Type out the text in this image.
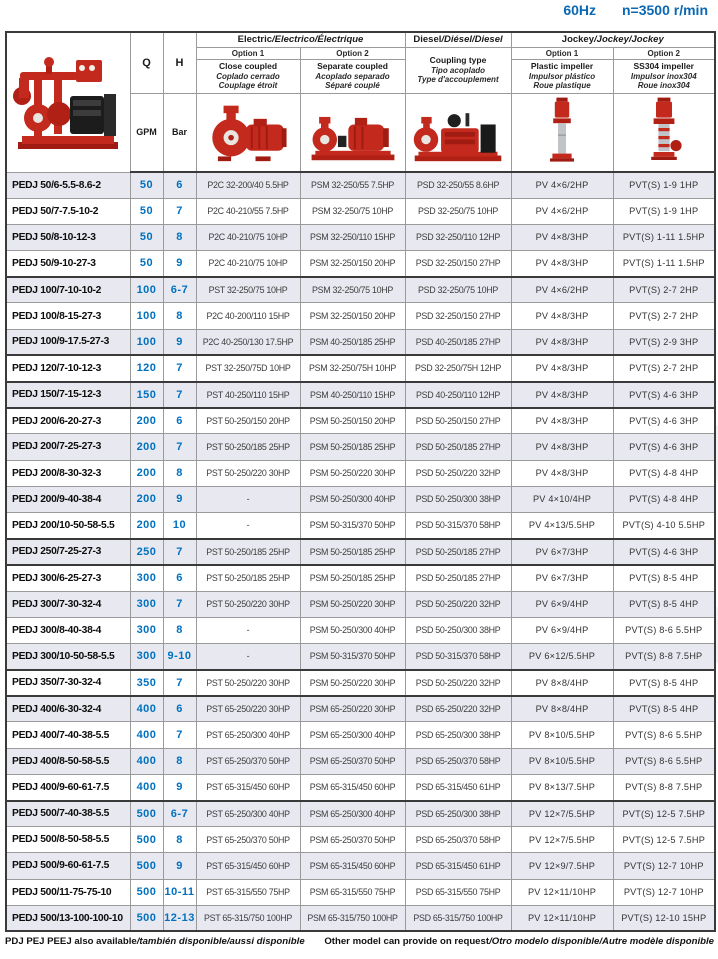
60Hz n=3500 r/min
	Q	H	Electric/Electrico/Électrique		Diesel/Diésel/Diesel	Jockey/Jockey/Jockey	
			Option 1	Option 2	Coupling type
Tipo acoplado
Type d'accouplement	Option 1	Option 2

			Close coupled
Coplado cerrado
Couplage étroit	Separate coupled
Acoplado separado
Séparé couplé		Plastic impeller
Impulsor plástico
Roue plastique	SS304 impeller
Impulsor inox304
Roue inox304

	GPM	Bar	

PEDJ 50/6-5.5-8.6-2	50	6	P2C 32-200/40 5.5HP	PSM 32-250/55 7.5HP	PSD 32-250/55 8.6HP	PV 4×6/2HP	PVT(S) 1-9 1HP
PEDJ 50/7-7.5-10-2	50	7	P2C 40-210/55 7.5HP	PSM 32-250/75 10HP	PSD 32-250/75 10HP	PV 4×6/2HP	PVT(S) 1-9 1HP
PEDJ 50/8-10-12-3	50	8	P2C 40-210/75 10HP	PSM 32-250/110 15HP	PSD 32-250/110 12HP	PV 4×8/3HP	PVT(S) 1-11 1.5HP
PEDJ 50/9-10-27-3	50	9	P2C 40-210/75 10HP	PSM 32-250/150 20HP	PSD 32-250/150 27HP	PV 4×8/3HP	PVT(S) 1-11 1.5HP
PEDJ 100/7-10-10-2	100	6-7	PST 32-250/75 10HP	PSM 32-250/75 10HP	PSD 32-250/75 10HP	PV 4×6/2HP	PVT(S) 2-7 2HP
PEDJ 100/8-15-27-3	100	8	P2C 40-200/110 15HP	PSM 32-250/150 20HP	PSD 32-250/150 27HP	PV 4×8/3HP	PVT(S) 2-7 2HP
PEDJ 100/9-17.5-27-3	100	9	P2C 40-250/130 17.5HP	PSM 40-250/185 25HP	PSD 40-250/185 27HP	PV 4×8/3HP	PVT(S) 2-9 3HP
PEDJ 120/7-10-12-3	120	7	PST 32-250/75D 10HP	PSM 32-250/75H 10HP	PSD 32-250/75H 12HP	PV 4×8/3HP	PVT(S) 2-7 2HP
PEDJ 150/7-15-12-3	150	7	PST 40-250/110 15HP	PSM 40-250/110 15HP	PSD 40-250/110 12HP	PV 4×8/3HP	PVT(S) 4-6 3HP
PEDJ 200/6-20-27-3	200	6	PST 50-250/150 20HP	PSM 50-250/150 20HP	PSD 50-250/150 27HP	PV 4×8/3HP	PVT(S) 4-6 3HP
PEDJ 200/7-25-27-3	200	7	PST 50-250/185 25HP	PSM 50-250/185 25HP	PSD 50-250/185 27HP	PV 4×8/3HP	PVT(S) 4-6 3HP
PEDJ 200/8-30-32-3	200	8	PST 50-250/220 30HP	PSM 50-250/220 30HP	PSD 50-250/220 32HP	PV 4×8/3HP	PVT(S) 4-8 4HP
PEDJ 200/9-40-38-4	200	9	-	PSM 50-250/300 40HP	PSD 50-250/300 38HP	PV 4×10/4HP	PVT(S) 4-8 4HP
PEDJ 200/10-50-58-5.5	200	10	-	PSM 50-315/370 50HP	PSD 50-315/370 58HP	PV 4×13/5.5HP	PVT(S) 4-10 5.5HP
PEDJ 250/7-25-27-3	250	7	PST 50-250/185 25HP	PSM 50-250/185 25HP	PSD 50-250/185 27HP	PV 6×7/3HP	PVT(S) 4-6 3HP
PEDJ 300/6-25-27-3	300	6	PST 50-250/185 25HP	PSM 50-250/185 25HP	PSD 50-250/185 27HP	PV 6×7/3HP	PVT(S) 8-5 4HP
PEDJ 300/7-30-32-4	300	7	PST 50-250/220 30HP	PSM 50-250/220 30HP	PSD 50-250/220 32HP	PV 6×9/4HP	PVT(S) 8-5 4HP
PEDJ 300/8-40-38-4	300	8	-	PSM 50-250/300 40HP	PSD 50-250/300 38HP	PV 6×9/4HP	PVT(S) 8-6 5.5HP
PEDJ 300/10-50-58-5.5	300	9-10	-	PSM 50-315/370 50HP	PSD 50-315/370 58HP	PV 6×12/5.5HP	PVT(S) 8-8 7.5HP
PEDJ 350/7-30-32-4	350	7	PST 50-250/220 30HP	PSM 50-250/220 30HP	PSD 50-250/220 32HP	PV 8×8/4HP	PVT(S) 8-5 4HP
PEDJ 400/6-30-32-4	400	6	PST 65-250/220 30HP	PSM 65-250/220 30HP	PSD 65-250/220 32HP	PV 8×8/4HP	PVT(S) 8-5 4HP
PEDJ 400/7-40-38-5.5	400	7	PST 65-250/300 40HP	PSM 65-250/300 40HP	PSD 65-250/300 38HP	PV 8×10/5.5HP	PVT(S) 8-6 5.5HP
PEDJ 400/8-50-58-5.5	400	8	PST 65-250/370 50HP	PSM 65-250/370 50HP	PSD 65-250/370 58HP	PV 8×10/5.5HP	PVT(S) 8-6 5.5HP
PEDJ 400/9-60-61-7.5	400	9	PST 65-315/450 60HP	PSM 65-315/450 60HP	PSD 65-315/450 61HP	PV 8×13/7.5HP	PVT(S) 8-8 7.5HP
PEDJ 500/7-40-38-5.5	500	6-7	PST 65-250/300 40HP	PSM 65-250/300 40HP	PSD 65-250/300 38HP	PV 12×7/5.5HP	PVT(S) 12-5 7.5HP
PEDJ 500/8-50-58-5.5	500	8	PST 65-250/370 50HP	PSM 65-250/370 50HP	PSD 65-250/370 58HP	PV 12×7/5.5HP	PVT(S) 12-5 7.5HP
PEDJ 500/9-60-61-7.5	500	9	PST 65-315/450 60HP	PSM 65-315/450 60HP	PSD 65-315/450 61HP	PV 12×9/7.5HP	PVT(S) 12-7 10HP
PEDJ 500/11-75-75-10	500	10-11	PST 65-315/550 75HP	PSM 65-315/550 75HP	PSD 65-315/550 75HP	PV 12×11/10HP	PVT(S) 12-7 10HP
PEDJ 500/13-100-100-10	500	12-13	PST 65-315/750 100HP	PSM 65-315/750 100HP	PSD 65-315/750 100HP	PV 12×11/10HP	PVT(S) 12-10 15HP
PDJ PEJ PEEJ also available/también disponible/aussi disponible Other model can provide on request/Otro modelo disponible/Autre modèle disponible
